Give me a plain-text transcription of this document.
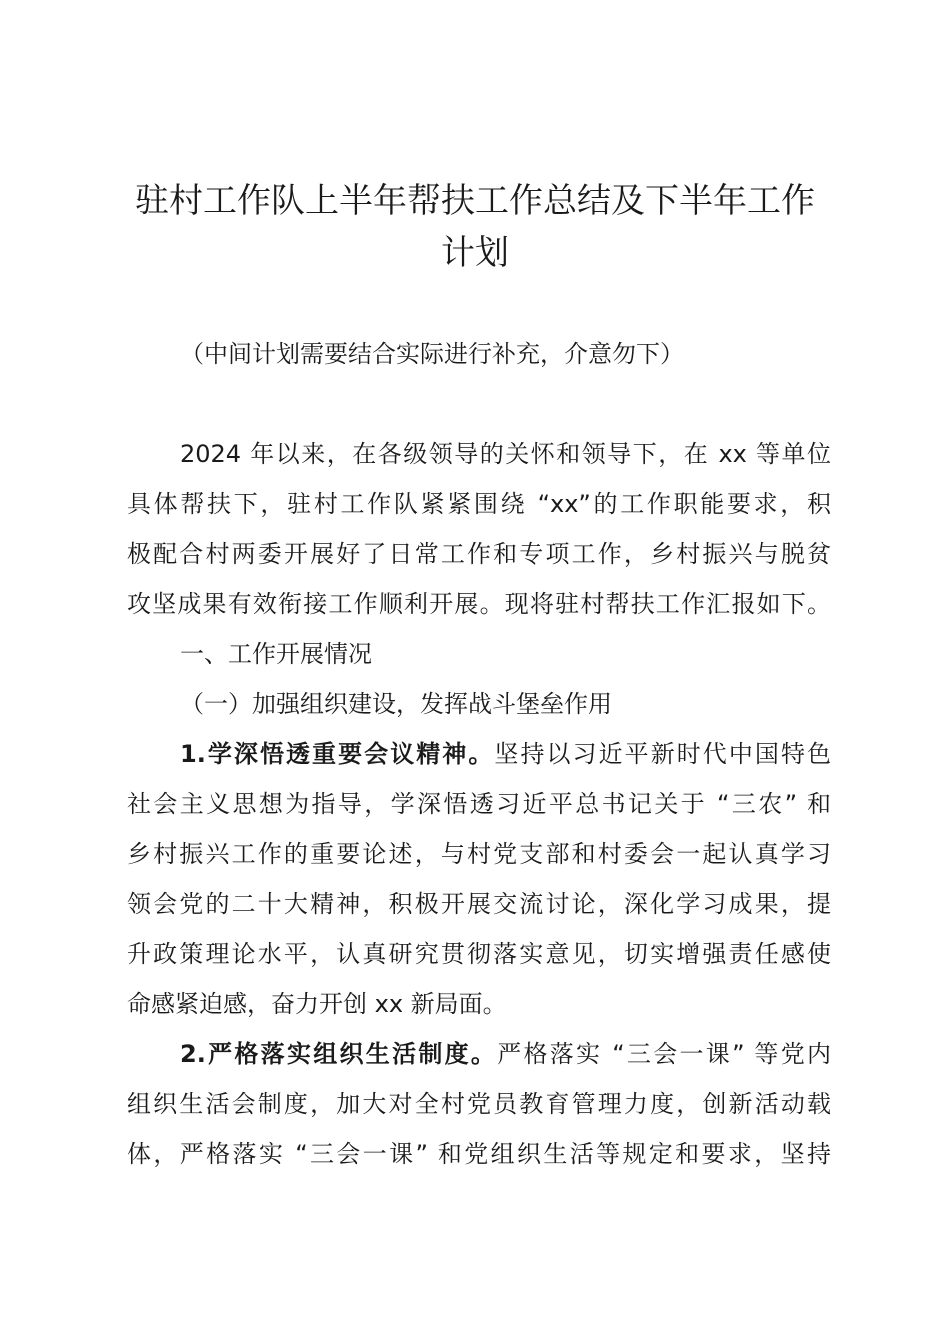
驻村工作队上半年帮扶工作总结及下半年工作
计划
（中间计划需要结合实际进行补充，介意勿下）
2024 年以来，在各级领导的关怀和领导下，在 xx 等单位
具体帮扶下，驻村工作队紧紧围绕 “xx”的工作职能要求，积
极配合村两委开展好了日常工作和专项工作，乡村振兴与脱贫
攻坚成果有效衔接工作顺利开展。现将驻村帮扶工作汇报如下。
一、工作开展情况
（一）加强组织建设，发挥战斗堡垒作用
1.学深悟透重要会议精神。坚持以习近平新时代中国特色
社会主义思想为指导，学深悟透习近平总书记关于 “三农” 和
乡村振兴工作的重要论述，与村党支部和村委会一起认真学习
领会党的二十大精神，积极开展交流讨论，深化学习成果，提
升政策理论水平，认真研究贯彻落实意见，切实增强责任感使
命感紧迫感，奋力开创 xx 新局面。
2.严格落实组织生活制度。严格落实 “三会一课” 等党内
组织生活会制度，加大对全村党员教育管理力度，创新活动载
体，严格落实 “三会一课” 和党组织生活等规定和要求，坚持
